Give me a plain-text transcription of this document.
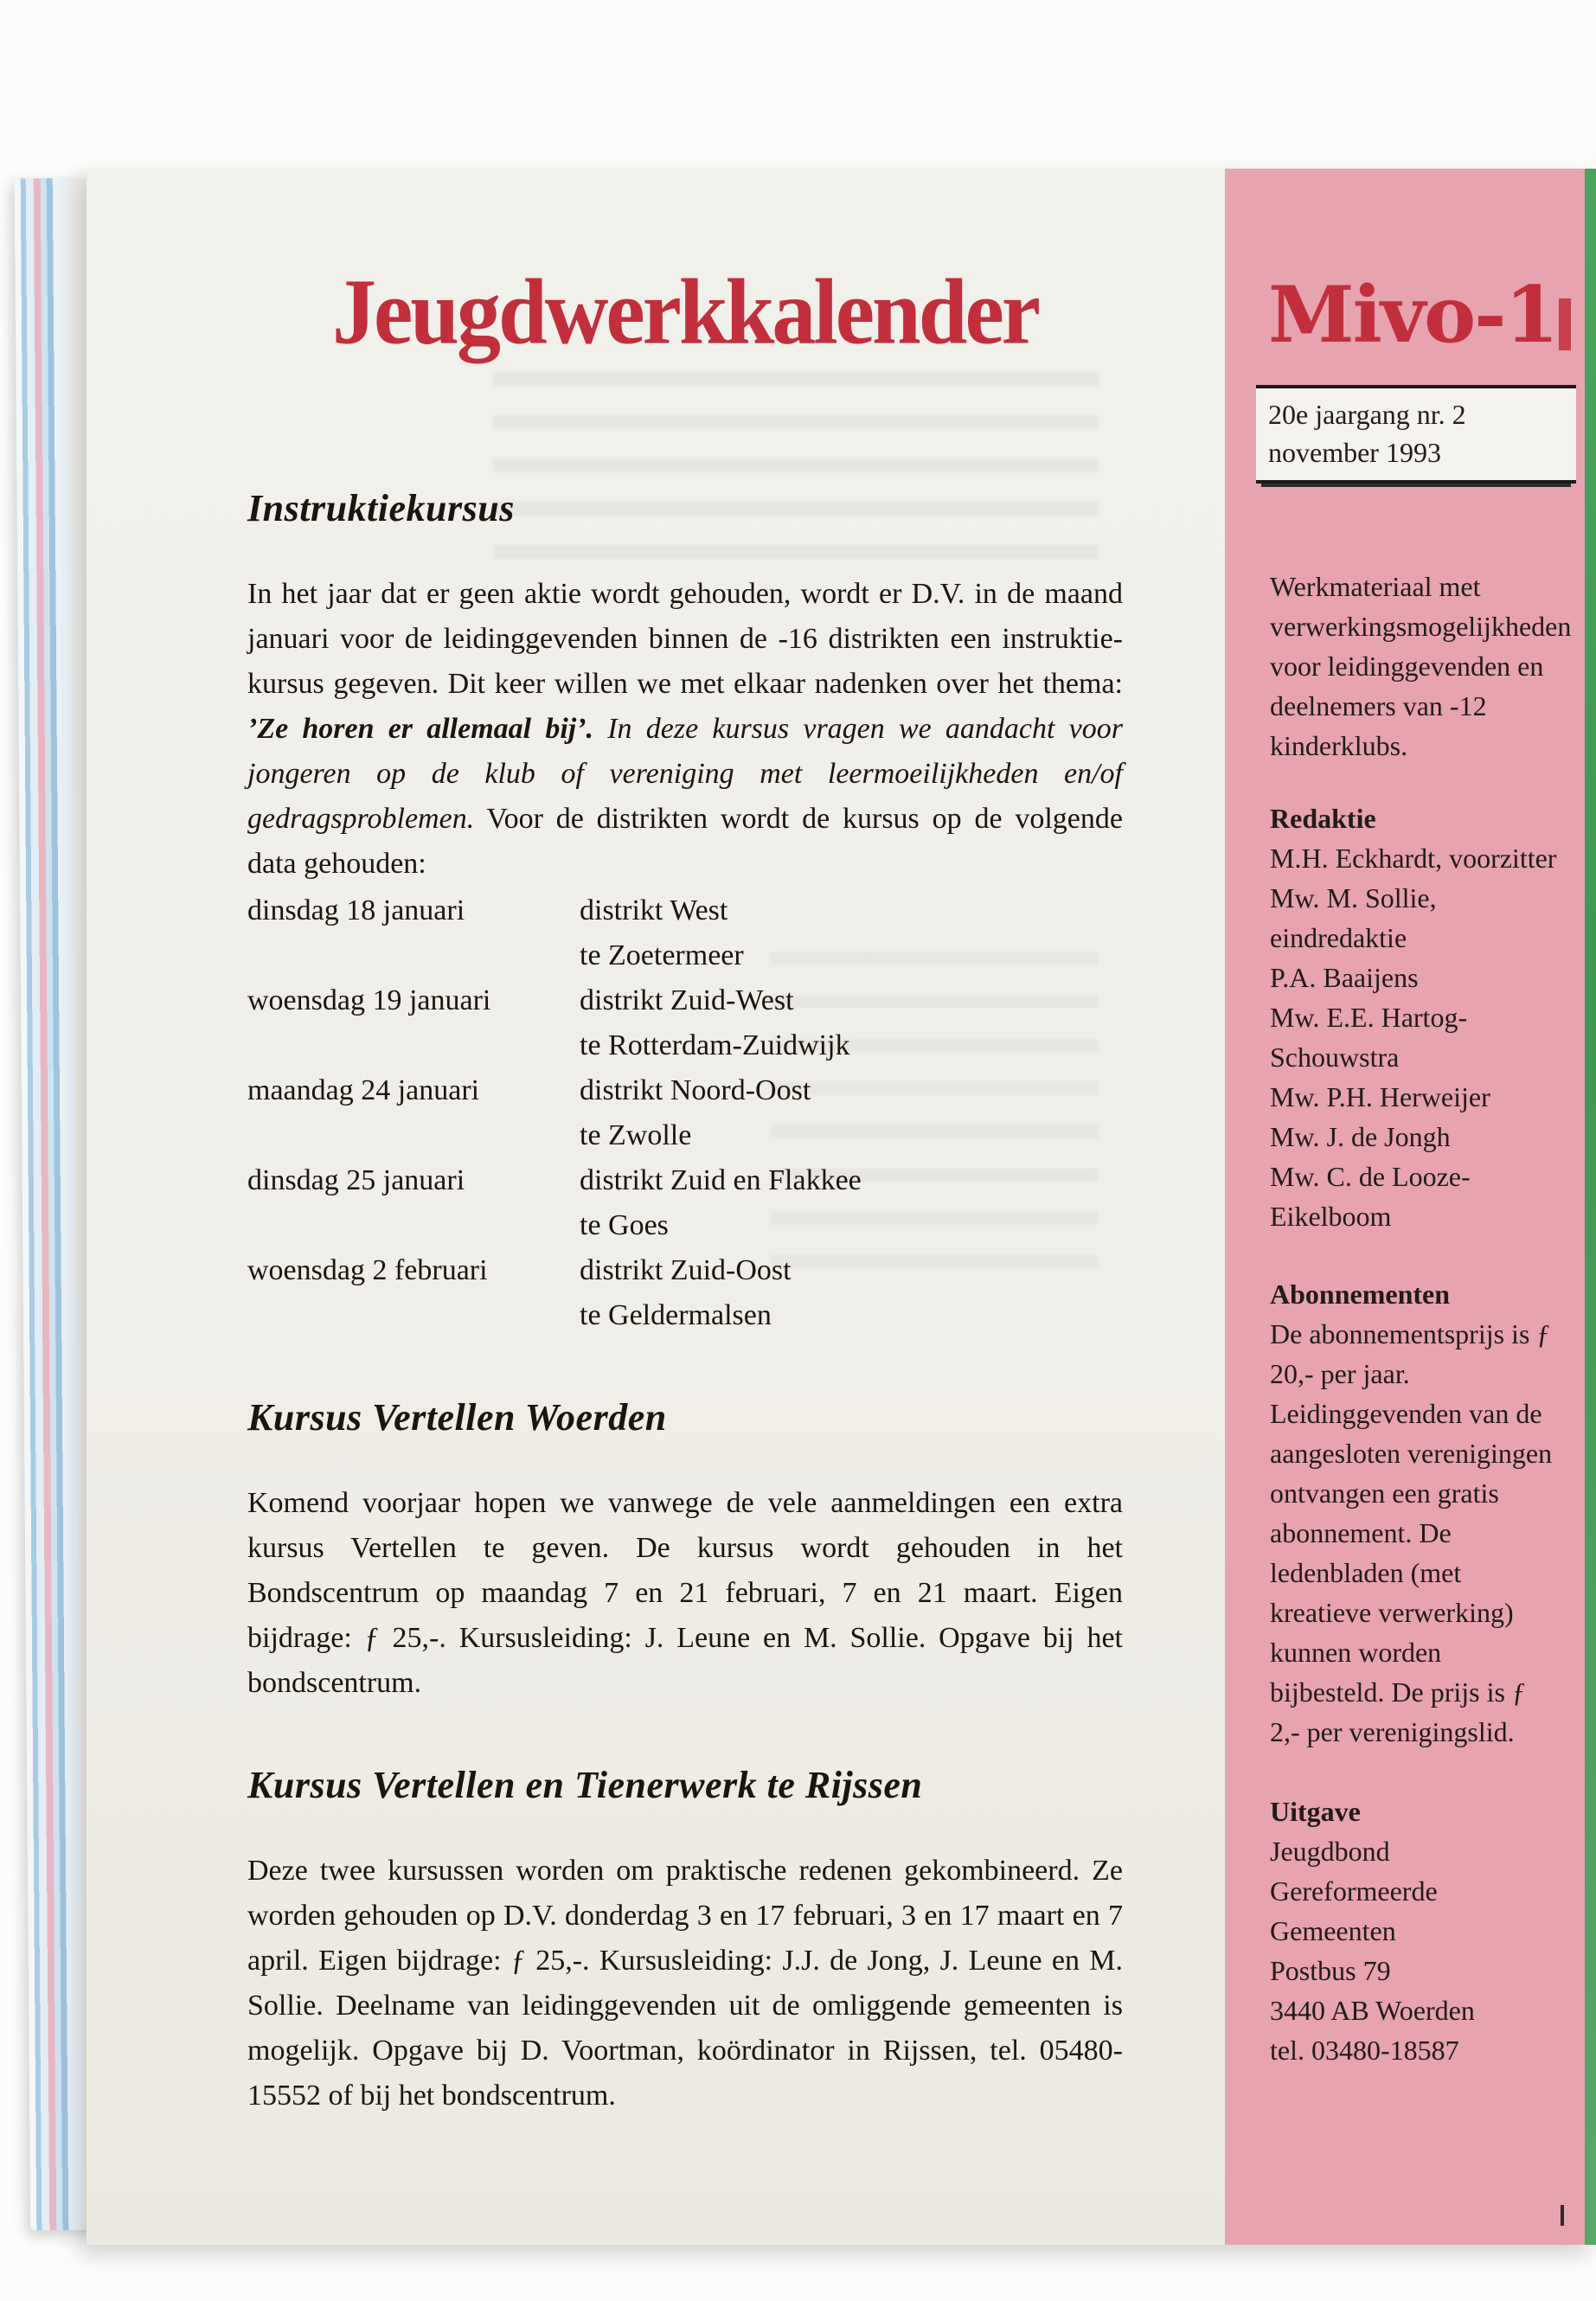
Jeugdwerkkalender
Instruktiekursus

In het jaar dat er geen aktie wordt gehouden, wordt er D.V. in de maand januari voor de leidinggevenden binnen de -16 distrikten een instruktie-kursus gegeven. Dit keer willen we met elkaar nadenken over het thema: ’Ze horen er allemaal bij’. In deze kursus vragen we aandacht voor jongeren op de klub of vereniging met leermoeilijkheden en/of gedragsproblemen. Voor de distrikten wordt de kursus op de volgende data gehouden:

dinsdag 18 januari	distrikt West
te Zoetermeer
woensdag 19 januari	distrikt Zuid-West
te Rotterdam-Zuidwijk
maandag 24 januari	distrikt Noord-Oost
te Zwolle
dinsdag 25 januari	distrikt Zuid en Flakkee
te Goes
woensdag 2 februari	distrikt Zuid-Oost
te Geldermalsen
Kursus Vertellen Woerden

Komend voorjaar hopen we vanwege de vele aanmeldingen een extra kursus Vertellen te geven. De kursus wordt gehouden in het Bondscentrum op maandag 7 en 21 februari, 7 en 21 maart. Eigen bijdrage: ƒ 25,-. Kursusleiding: J. Leune en M. Sollie. Opgave bij het bondscentrum.

Kursus Vertellen en Tienerwerk te Rijssen

Deze twee kursussen worden om praktische redenen gekombineerd. Ze worden gehouden op D.V. donderdag 3 en 17 februari, 3 en 17 maart en 7 april. Eigen bijdrage: ƒ 25,-. Kursusleiding: J.J. de Jong, J. Leune en M. Sollie. Deelname van leidinggevenden uit de omliggende gemeenten is mogelijk. Opgave bij D. Voortman, koördinator in Rijssen, tel. 05480-15552 of bij het bondscentrum.

Mivo-1
20e jaargang nr. 2
november 1993
Werkmateriaal met verwerkingsmogelijkheden voor leidinggevenden en deelnemers van -12 kinderklubs.
Redaktie
M.H. Eckhardt, voorzitter
Mw. M. Sollie, eindredaktie
P.A. Baaijens
Mw. E.E. Hartog-Schouwstra
Mw. P.H. Herweijer
Mw. J. de Jongh
Mw. C. de Looze-Eikelboom
Abonnementen
De abonnementsprijs is ƒ 20,- per jaar. Leidinggevenden van de aangesloten verenigingen ontvangen een gratis abonnement. De ledenbladen (met kreatieve verwerking) kunnen worden bijbesteld. De prijs is ƒ 2,- per verenigingslid.
Uitgave
Jeugdbond Gereformeerde Gemeenten
Postbus 79
3440 AB Woerden
tel. 03480-18587
